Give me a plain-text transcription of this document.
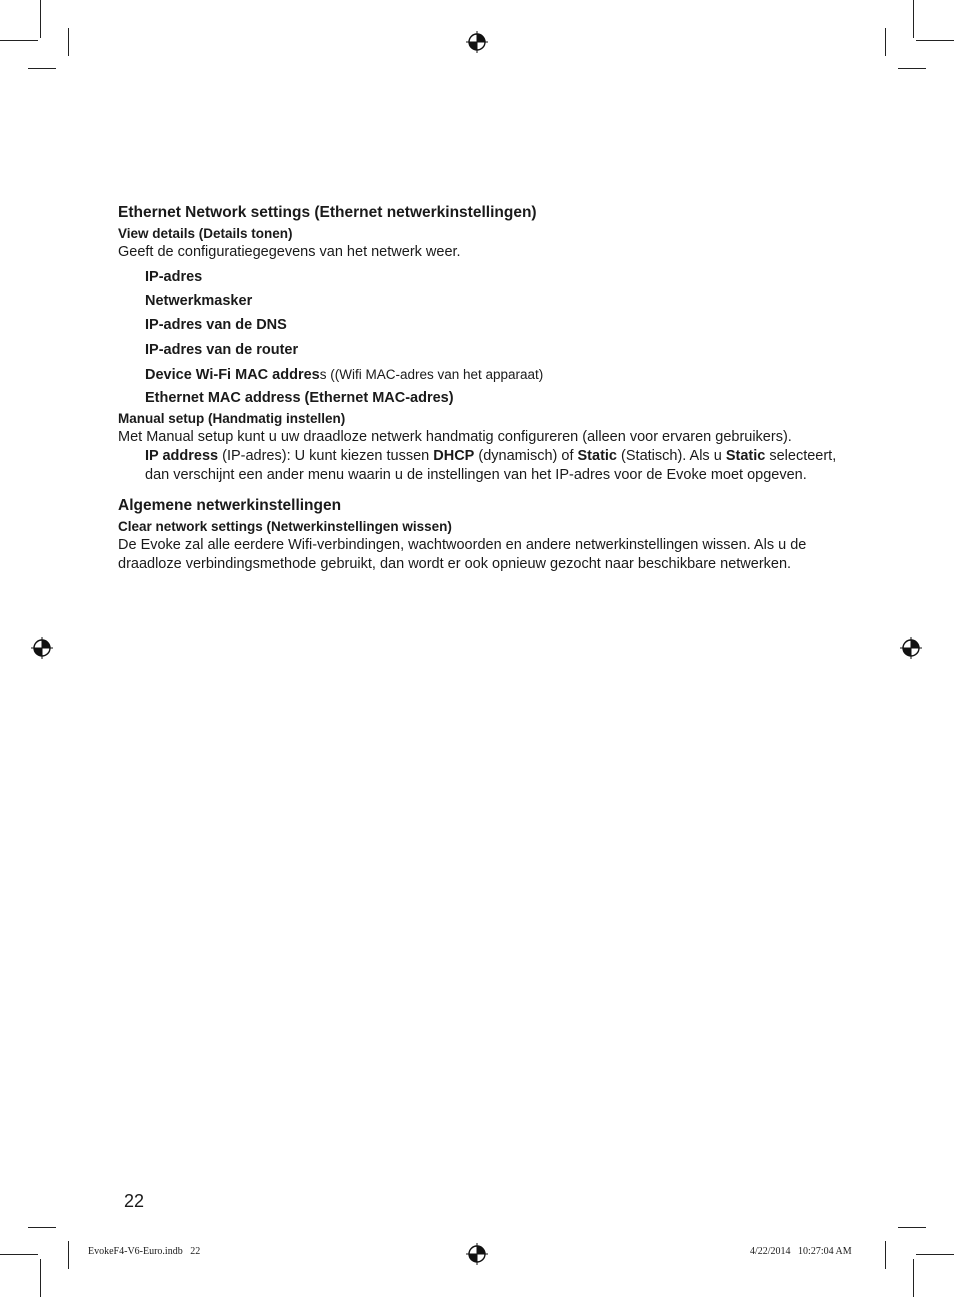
Ethernet Network settings (Ethernet netwerkinstellingen)

View details (Details tonen)

Geeft de configuratiegegevens van het netwerk weer.

IP-adres

Netwerkmasker

IP-adres van de DNS

IP-adres van de router

Device Wi-Fi MAC address ((Wifi MAC-adres van het apparaat)

Ethernet MAC address (Ethernet MAC-adres)

Manual setup (Handmatig instellen)

Met Manual setup kunt u uw draadloze netwerk handmatig configureren (alleen voor ervaren gebruikers).

IP address (IP-adres): U kunt kiezen tussen DHCP (dynamisch) of Static (Statisch). Als u Static selecteert, dan verschijnt een ander menu waarin u de instellingen van het IP-adres voor de Evoke moet opgeven.

Algemene netwerkinstellingen

Clear network settings (Netwerkinstellingen wissen)

De Evoke zal alle eerdere Wifi-verbindingen, wachtwoorden en andere netwerkinstellingen wissen. Als u de draadloze verbindingsmethode gebruikt, dan wordt er ook opnieuw gezocht naar beschikbare netwerken.

22
EvokeF4-V6-Euro.indb   22	4/22/2014   10:27:04 AM
